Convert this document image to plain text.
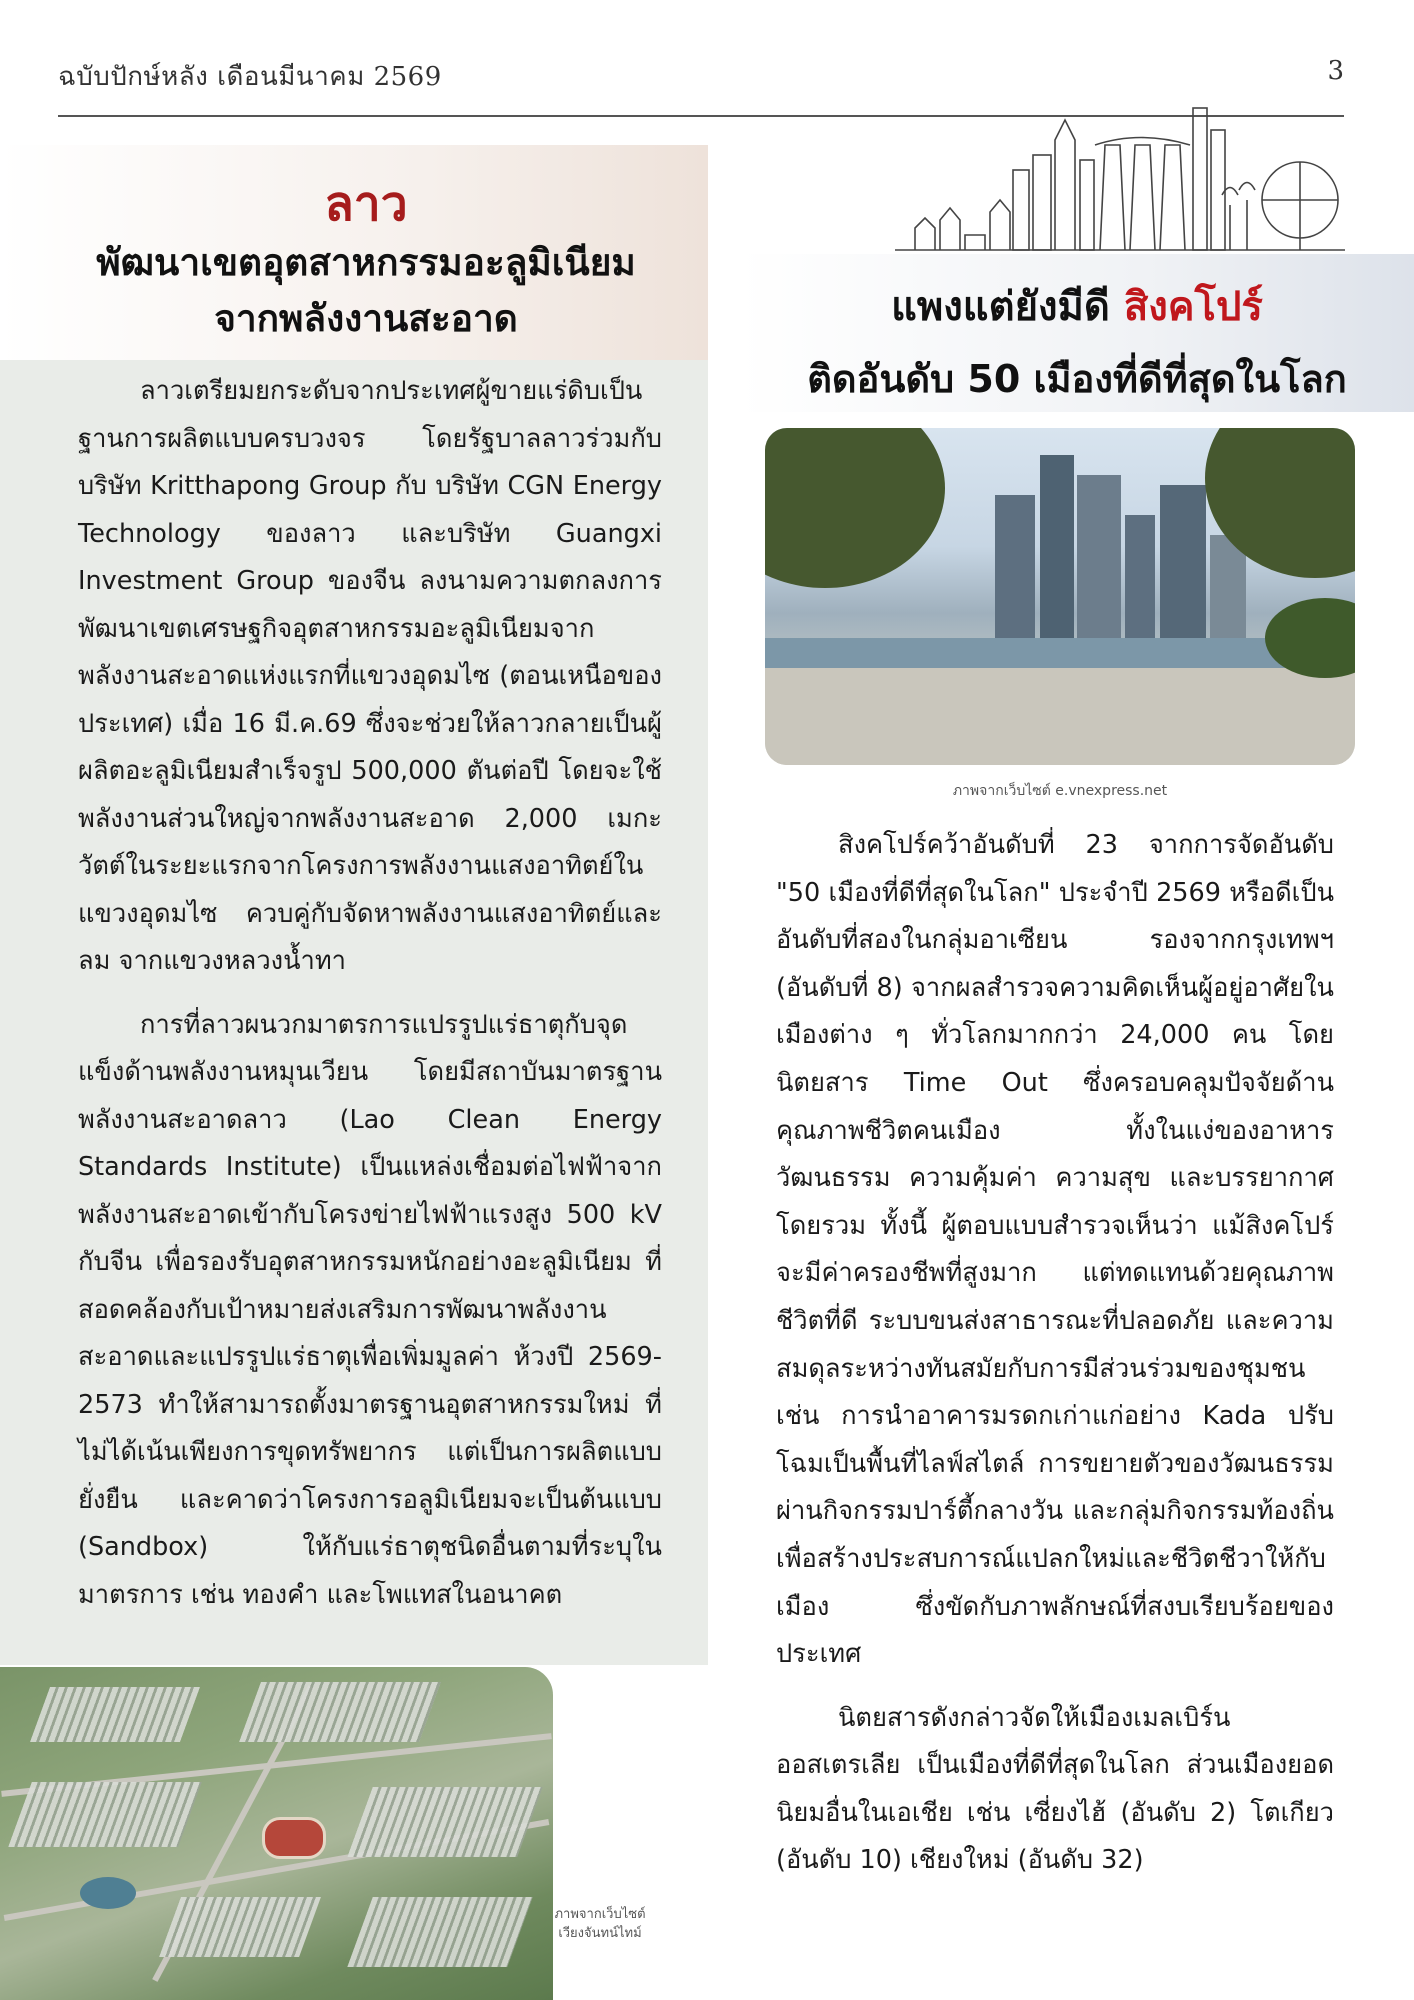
ฉบับปักษ์หลัง เดือนมีนาคม 2569	3
ลาว
พัฒนาเขตอุตสาหกรรมอะลูมิเนียม
จากพลังงานสะอาด

ลาวเตรียมยกระดับจากประเทศผู้ขายแร่ดิบเป็นฐานการผลิตแบบครบวงจร โดยรัฐบาลลาวร่วมกับบริษัท Kritthapong Group กับ บริษัท CGN Energy Technology ของลาว และบริษัท Guangxi Investment Group ของจีน ลงนามความตกลงการพัฒนาเขตเศรษฐกิจอุตสาหกรรมอะลูมิเนียมจากพลังงานสะอาดแห่งแรกที่แขวงอุดมไซ (ตอนเหนือของประเทศ) เมื่อ 16 มี.ค.69 ซึ่งจะช่วยให้ลาวกลายเป็นผู้ผลิตอะลูมิเนียมสำเร็จรูป 500,000 ตันต่อปี โดยจะใช้พลังงานส่วนใหญ่จากพลังงานสะอาด 2,000 เมกะวัตต์ในระยะแรกจากโครงการพลังงานแสงอาทิตย์ในแขวงอุดมไซ ควบคู่กับจัดหาพลังงานแสงอาทิตย์และลม จากแขวงหลวงน้ำทา

การที่ลาวผนวกมาตรการแปรรูปแร่ธาตุกับจุดแข็งด้านพลังงานหมุนเวียน โดยมีสถาบันมาตรฐานพลังงานสะอาดลาว (Lao Clean Energy Standards Institute) เป็นแหล่งเชื่อมต่อไฟฟ้าจากพลังงานสะอาดเข้ากับโครงข่ายไฟฟ้าแรงสูง 500 kV กับจีน เพื่อรองรับอุตสาหกรรมหนักอย่างอะลูมิเนียม ที่สอดคล้องกับเป้าหมายส่งเสริมการพัฒนาพลังงานสะอาดและแปรรูปแร่ธาตุเพื่อเพิ่มมูลค่า ห้วงปี 2569-2573 ทำให้สามารถตั้งมาตรฐานอุตสาหกรรมใหม่ ที่ไม่ได้เน้นเพียงการขุดทรัพยากร แต่เป็นการผลิตแบบยั่งยืน และคาดว่าโครงการอลูมิเนียมจะเป็นต้นแบบ (Sandbox) ให้กับแร่ธาตุชนิดอื่นตามที่ระบุในมาตรการ เช่น ทองคำ และโพแทสในอนาคต

ภาพจากเว็บไซต์
เวียงจันทน์ไทม์
แพงแต่ยังมีดี สิงคโปร์
ติดอันดับ 50 เมืองที่ดีที่สุดในโลก
ภาพจากเว็บไซต์ e.vnexpress.net

สิงคโปร์คว้าอันดับที่ 23 จากการจัดอันดับ "50 เมืองที่ดีที่สุดในโลก" ประจำปี 2569 หรือดีเป็นอันดับที่สองในกลุ่มอาเซียน รองจากกรุงเทพฯ (อันดับที่ 8) จากผลสำรวจความคิดเห็นผู้อยู่อาศัยในเมืองต่าง ๆ ทั่วโลกมากกว่า 24,000 คน โดยนิตยสาร Time Out ซึ่งครอบคลุมปัจจัยด้านคุณภาพชีวิตคนเมือง ทั้งในแง่ของอาหาร วัฒนธรรม ความคุ้มค่า ความสุข และบรรยากาศโดยรวม ทั้งนี้ ผู้ตอบแบบสำรวจเห็นว่า แม้สิงคโปร์จะมีค่าครองชีพที่สูงมาก แต่ทดแทนด้วยคุณภาพชีวิตที่ดี ระบบขนส่งสาธารณะที่ปลอดภัย และความสมดุลระหว่างทันสมัยกับการมีส่วนร่วมของชุมชน เช่น การนำอาคารมรดกเก่าแก่อย่าง Kada ปรับโฉมเป็นพื้นที่ไลฟ์สไตล์ การขยายตัวของวัฒนธรรมผ่านกิจกรรมปาร์ตี้กลางวัน และกลุ่มกิจกรรมท้องถิ่น เพื่อสร้างประสบการณ์แปลกใหม่และชีวิตชีวาให้กับเมือง ซึ่งขัดกับภาพลักษณ์ที่สงบเรียบร้อยของประเทศ

นิตยสารดังกล่าวจัดให้เมืองเมลเบิร์น ออสเตรเลีย เป็นเมืองที่ดีที่สุดในโลก ส่วนเมืองยอดนิยมอื่นในเอเชีย เช่น เซี่ยงไฮ้ (อันดับ 2) โตเกียว (อันดับ 10) เชียงใหม่ (อันดับ 32)
